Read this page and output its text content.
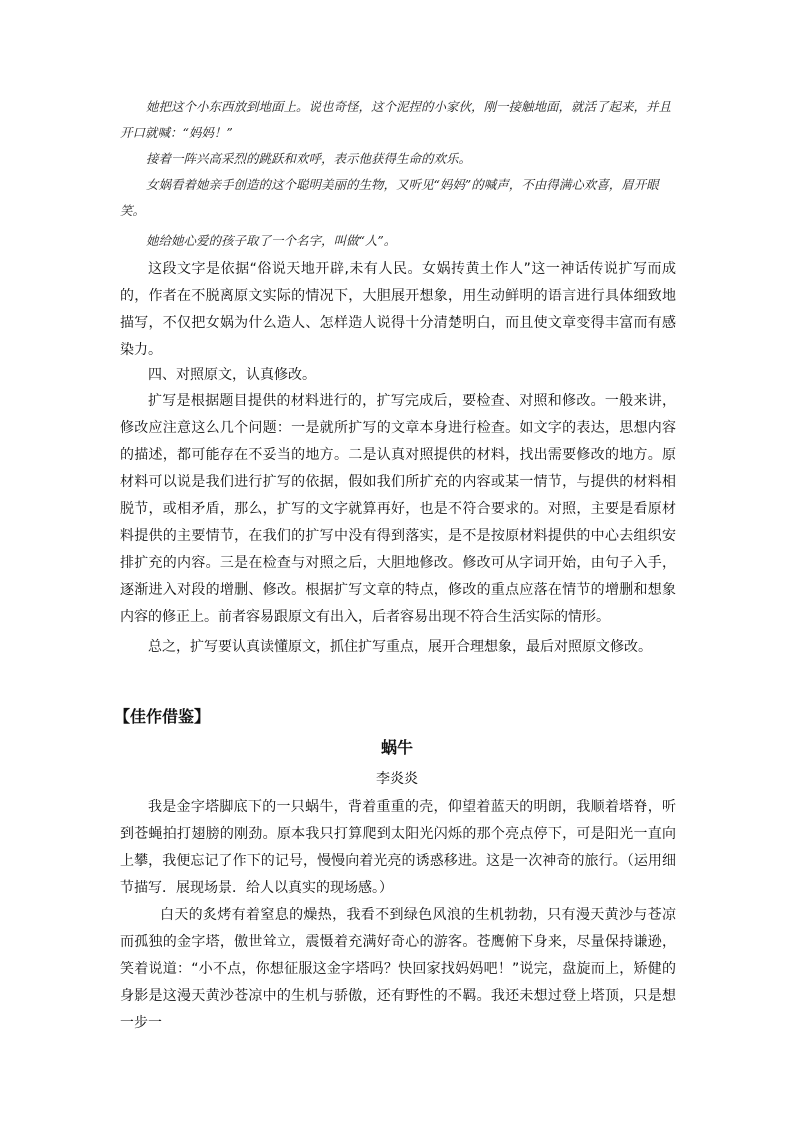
她把这个小东西放到地面上。说也奇怪，这个泥捏的小家伙，刚一接触地面，就活了起来，并且开口就喊：“妈妈！”

接着一阵兴高采烈的跳跃和欢呼，表示他获得生命的欢乐。

女娲看着她亲手创造的这个聪明美丽的生物，又听见“妈妈”的喊声，不由得满心欢喜，眉开眼笑。

她给她心爱的孩子取了一个名字，叫做“人”。

这段文字是依据“俗说天地开辟,未有人民。女娲抟黄土作人”这一神话传说扩写而成的，作者在不脱离原文实际的情况下，大胆展开想象，用生动鲜明的语言进行具体细致地描写，不仅把女娲为什么造人、怎样造人说得十分清楚明白，而且使文章变得丰富而有感染力。

四、对照原文，认真修改。

扩写是根据题目提供的材料进行的，扩写完成后，要检查、对照和修改。一般来讲，修改应注意这么几个问题：一是就所扩写的文章本身进行检查。如文字的表达，思想内容的描述，都可能存在不妥当的地方。二是认真对照提供的材料，找出需要修改的地方。原材料可以说是我们进行扩写的依据，假如我们所扩充的内容或某一情节，与提供的材料相脱节，或相矛盾，那么，扩写的文字就算再好，也是不符合要求的。对照，主要是看原材料提供的主要情节，在我们的扩写中没有得到落实，是不是按原材料提供的中心去组织安排扩充的内容。三是在检查与对照之后，大胆地修改。修改可从字词开始，由句子入手，逐渐进入对段的增删、修改。根据扩写文章的特点，修改的重点应落在情节的增删和想象内容的修正上。前者容易跟原文有出入，后者容易出现不符合生活实际的情形。

总之，扩写要认真读懂原文，抓住扩写重点，展开合理想象，最后对照原文修改。

【佳作借鉴】

蜗牛

李炎炎

我是金字塔脚底下的一只蜗牛，背着重重的壳，仰望着蓝天的明朗，我顺着塔脊，听到苍蝇拍打翅膀的刚劲。原本我只打算爬到太阳光闪烁的那个亮点停下，可是阳光一直向上攀，我便忘记了作下的记号，慢慢向着光亮的诱惑移进。这是一次神奇的旅行。（运用细节描写．展现场景．给人以真实的现场感。）

白天的炙烤有着窒息的燥热，我看不到绿色风浪的生机勃勃，只有漫天黄沙与苍凉而孤独的金字塔，傲世耸立，震慑着充满好奇心的游客。苍鹰俯下身来，尽量保持谦逊，笑着说道：“小不点，你想征服这金字塔吗？快回家找妈妈吧！”说完，盘旋而上，矫健的身影是这漫天黄沙苍凉中的生机与骄傲，还有野性的不羁。我还未想过登上塔顶，只是想一步一
